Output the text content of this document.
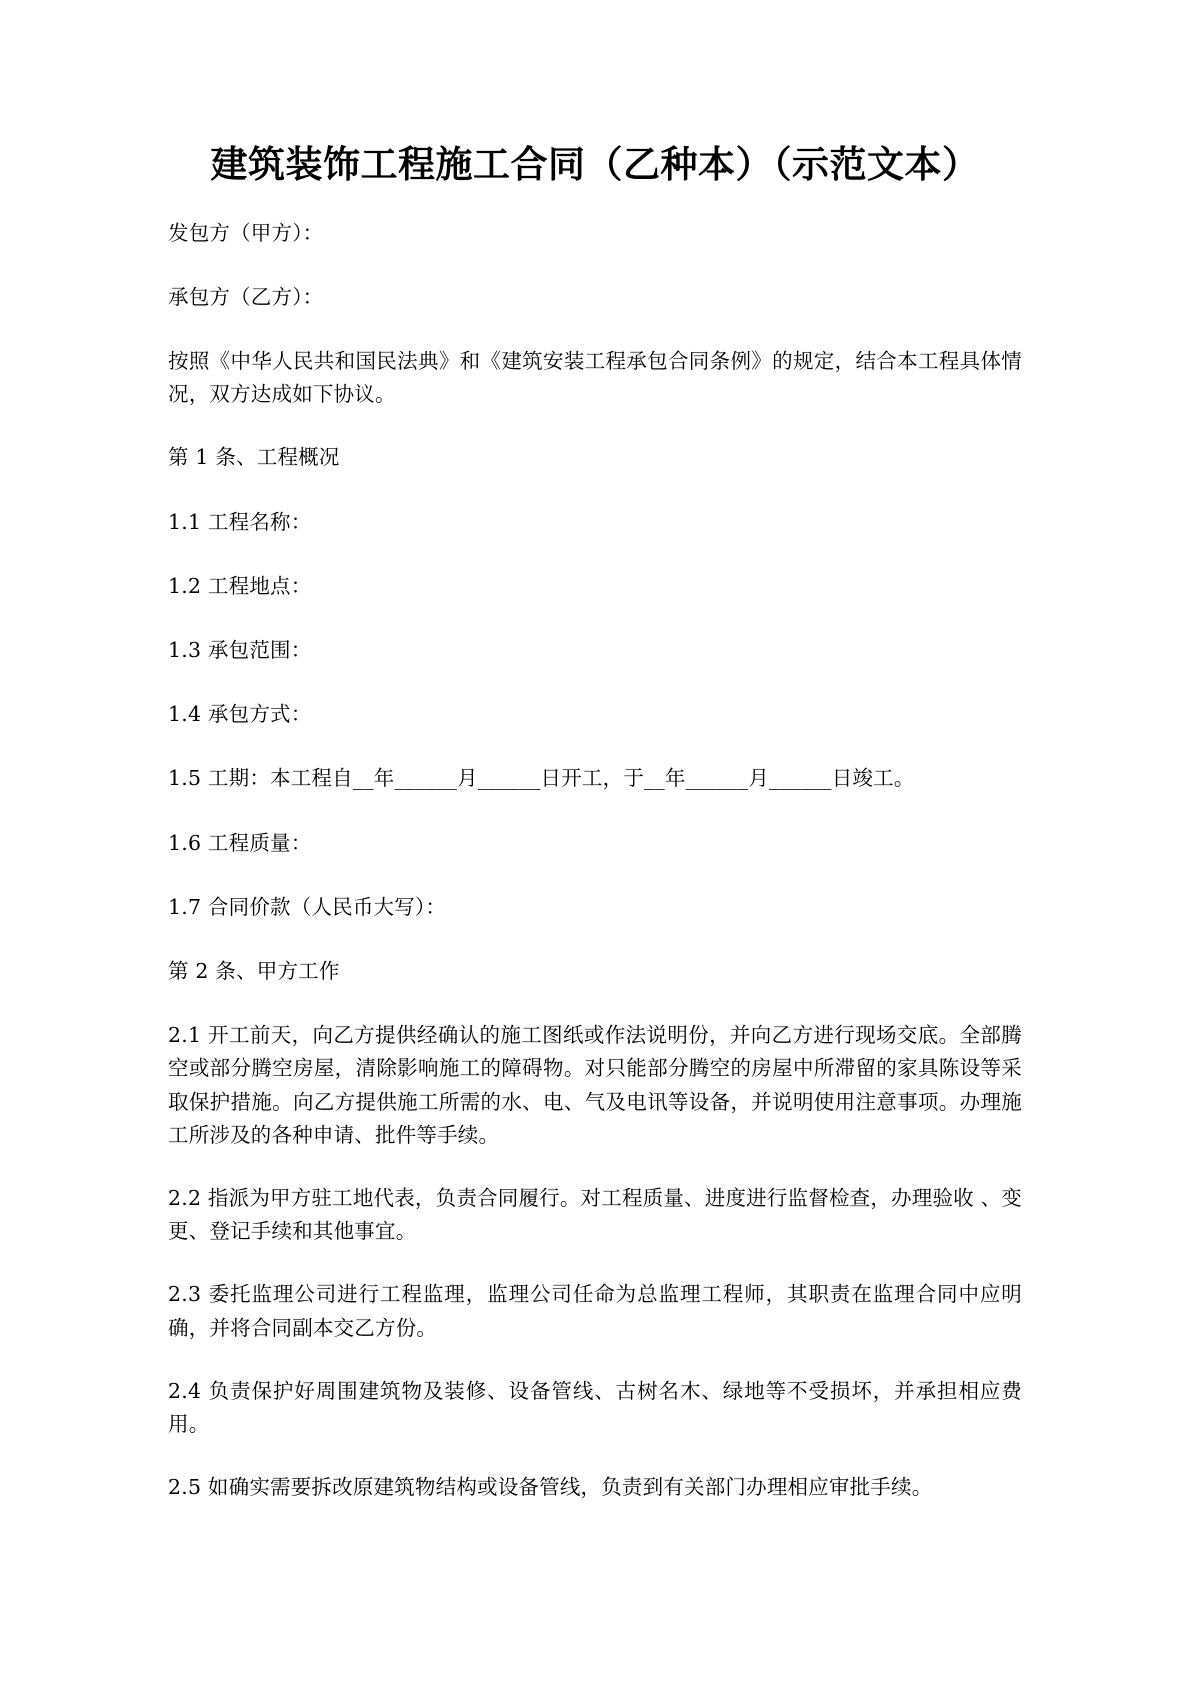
建筑装饰工程施工合同（乙种本）（示范文本）

发包方（甲方）：

承包方（乙方）：

按照《中华人民共和国民法典》和《建筑安装工程承包合同条例》的规定，结合本工程具体情况，双方达成如下协议。

第 1 条、工程概况

1.1 工程名称：

1.2 工程地点：

1.3 承包范围：

1.4 承包方式：

1.5 工期：本工程自__年______月______日开工，于__年______月______日竣工。

1.6 工程质量：

1.7 合同价款（人民币大写）：

第 2 条、甲方工作

2.1 开工前天，向乙方提供经确认的施工图纸或作法说明份，并向乙方进行现场交底。全部腾空或部分腾空房屋，清除影响施工的障碍物。对只能部分腾空的房屋中所滞留的家具陈设等采取保护措施。向乙方提供施工所需的水、电、气及电讯等设备，并说明使用注意事项。办理施工所涉及的各种申请、批件等手续。

2.2 指派为甲方驻工地代表，负责合同履行。对工程质量、进度进行监督检查，办理验收 、变更、登记手续和其他事宜。

2.3 委托监理公司进行工程监理，监理公司任命为总监理工程师，其职责在监理合同中应明确，并将合同副本交乙方份。

2.4 负责保护好周围建筑物及装修、设备管线、古树名木、绿地等不受损坏，并承担相应费用。

2.5 如确实需要拆改原建筑物结构或设备管线，负责到有关部门办理相应审批手续。
